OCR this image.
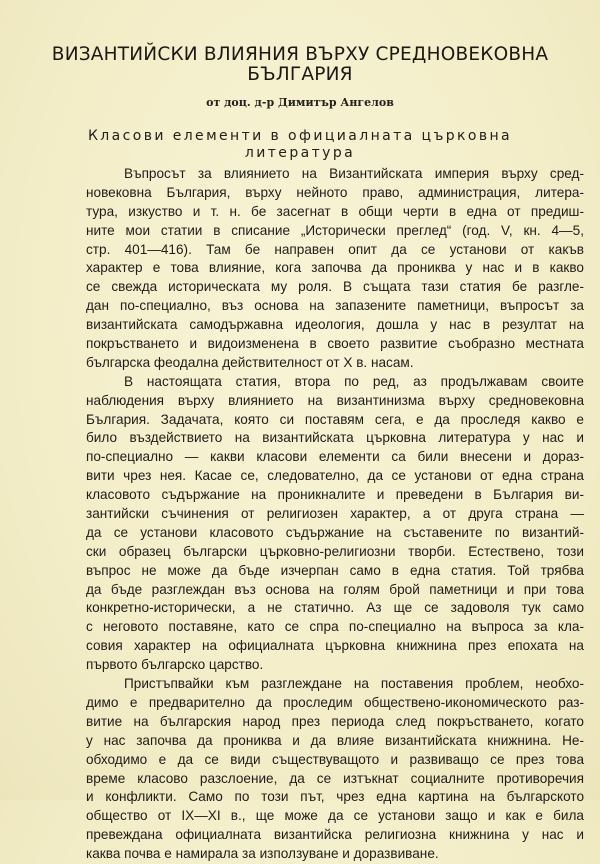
ВИЗАНТИЙСКИ ВЛИЯНИЯ ВЪРХУ СРЕДНОВЕКОВНА
БЪЛГАРИЯ
от доц. д-р Димитър Ангелов
Класови елементи в официалната църковна
литература
Въпросът за влиянието на Византийската империя върху сред-
новековна България, върху нейното право, администрация, литера-
тура, изкуство и т. н. бе засегнат в общи черти в една от предиш-
ните мои статии в списание „Исторически преглед“ (год. V, кн. 4—5,
стр. 401—416). Там бе направен опит да се установи от какъв
характер е това влияние, кога започва да прониква у нас и в какво
се свежда историческата му роля. В същата тази статия бе разгле-
дан по-специално, въз основа на запазените паметници, въпросът за
византийската самодържавна идеология, дошла у нас в резултат на
покръстването и видоизменена в своето развитие съобразно местната
българска феодална действителност от X в. насам.
В настоящата статия, втора по ред, аз продължавам своите
наблюдения върху влиянието на византинизма върху средновековна
България. Задачата, която си поставям сега, е да проследя какво е
било въздействието на византийската църковна литература у нас и
по-специално — какви класови елементи са били внесени и дораз-
вити чрез нея. Касае се, следователно, да се установи от една страна
класовото съдържание на проникналите и преведени в България ви-
зантийски съчинения от религиозен характер, а от друга страна —
да се установи класовото съдържание на съставените по византий-
ски образец български църковно-религиозни творби. Естествено, този
въпрос не може да бъде изчерпан само в една статия. Той трябва
да бъде разглеждан въз основа на голям брой паметници и при това
конкретно-исторически, а не статично. Аз ще се задоволя тук само
с неговото поставяне, като се спра по-специално на въпроса за кла-
совия характер на официалната църковна книжнина през епохата на
първото българско царство.
Пристъпвайки към разглеждане на поставения проблем, необхо-
димо е предварително да проследим обществено-икономическото раз-
витие на българския народ през периода след покръстването, когато
у нас започва да прониква и да влияе византийската книжнина. Не-
обходимо е да се види съществуващото и развиващо се през това
време класово разслоение, да се изтъкнат социалните противоречия
и конфликти. Само по този път, чрез една картина на българското
общество от IX—XI в., ще може да се установи защо и как е била
превеждана официалната византийска религиозна книжнина у нас и
каква почва е намирала за използуване и доразвиване.
